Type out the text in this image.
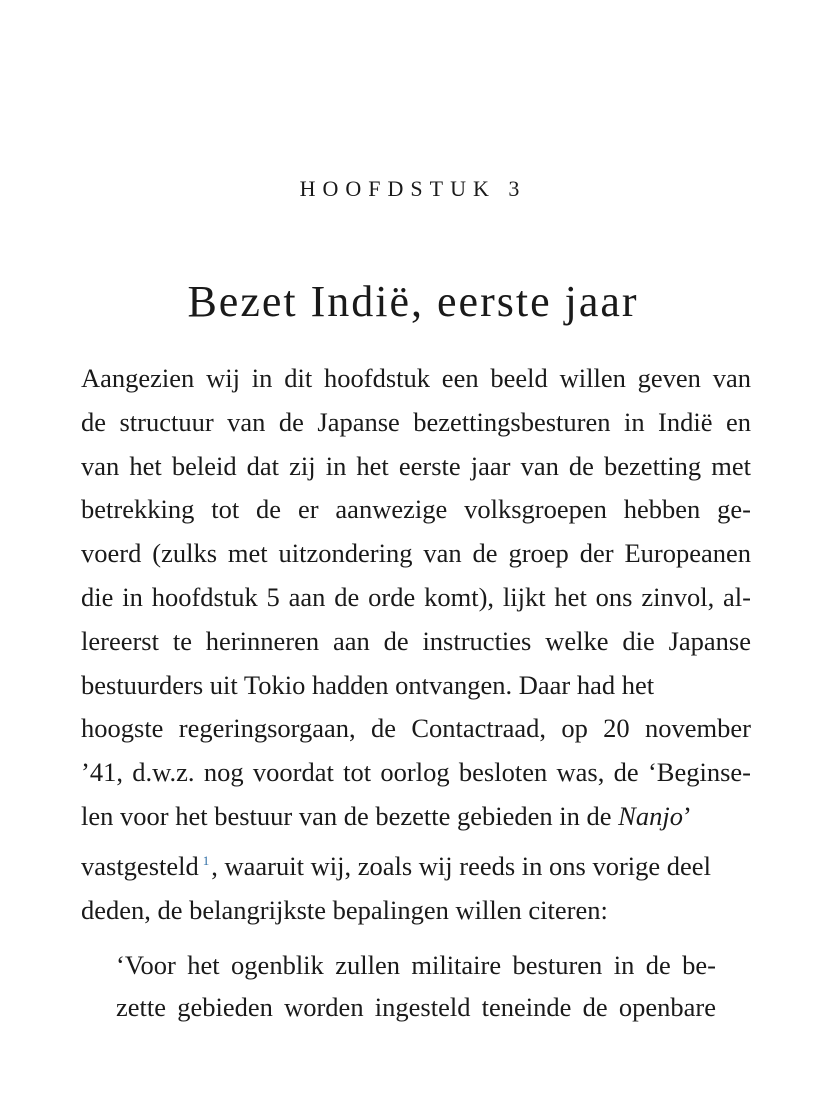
HOOFDSTUK 3
Bezet Indië, eerste jaar
Aangezien wij in dit hoofdstuk een beeld willen geven van
de structuur van de Japanse bezettingsbesturen in Indië en
van het beleid dat zij in het eerste jaar van de bezetting met
betrekking tot de er aanwezige volksgroepen hebben ge-
voerd (zulks met uitzondering van de groep der Europeanen
die in hoofdstuk 5 aan de orde komt), lijkt het ons zinvol, al-
lereerst te herinneren aan de instructies welke die Japanse
bestuurders uit Tokio hadden ontvangen. Daar had het
hoogste regeringsorgaan, de Contactraad, op 20 november
’41, d.w.z. nog voordat tot oorlog besloten was, de ‘Beginse-
len voor het bestuur van de bezette gebieden in de Nanjo’
vastgesteld $^1$, waaruit wij, zoals wij reeds in ons vorige deel
deden, de belangrijkste bepalingen willen citeren:
‘Voor het ogenblik zullen militaire besturen in de be-
zette gebieden worden ingesteld teneinde de openbare
